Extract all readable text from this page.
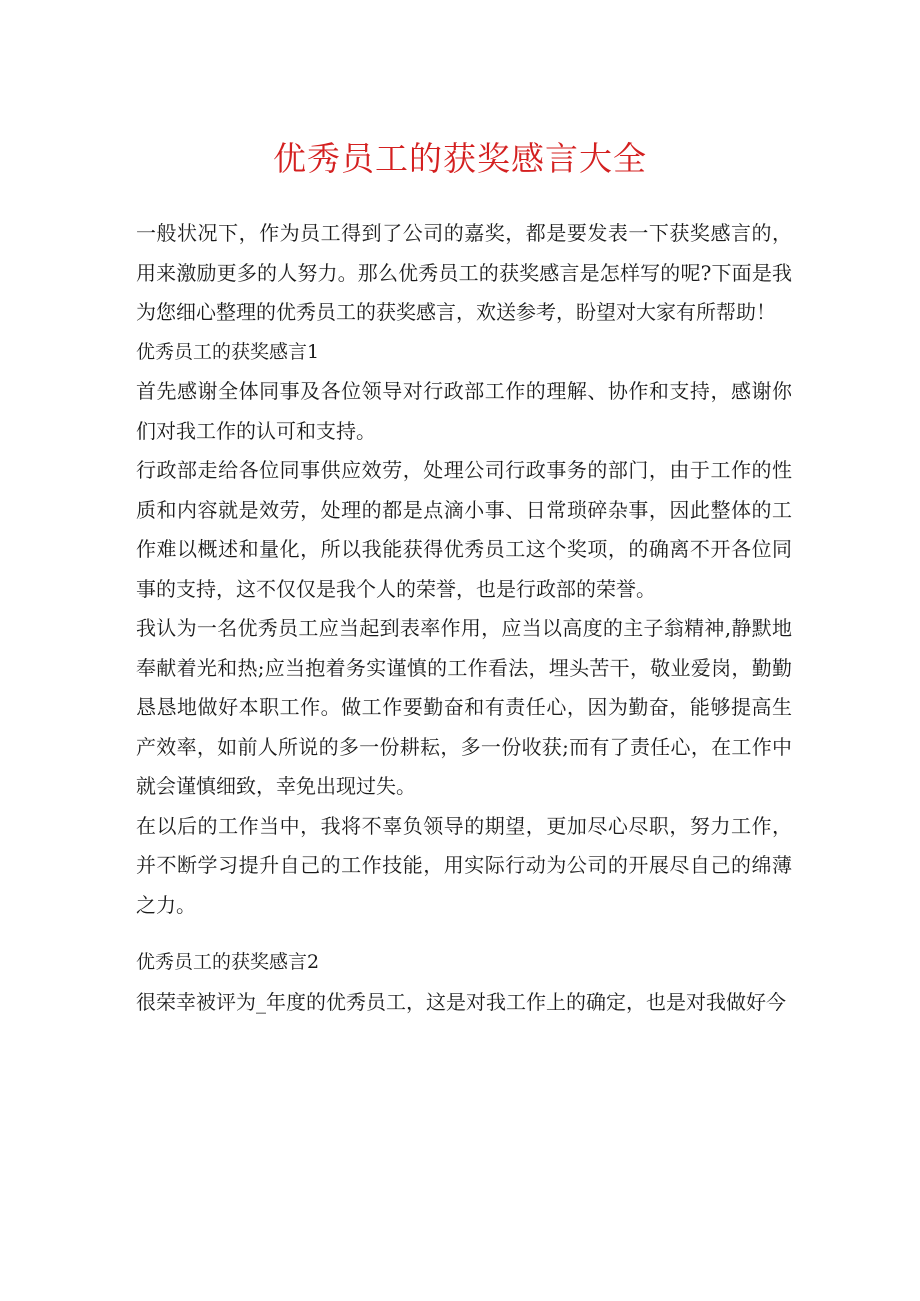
优秀员工的获奖感言大全

一般状况下，作为员工得到了公司的嘉奖，都是要发表一下获奖感言的，用来激励更多的人努力。那么优秀员工的获奖感言是怎样写的呢?下面是我为您细心整理的优秀员工的获奖感言，欢送参考，盼望对大家有所帮助！

优秀员工的获奖感言1

首先感谢全体同事及各位领导对行政部工作的理解、协作和支持，感谢你们对我工作的认可和支持。

行政部走给各位同事供应效劳，处理公司行政事务的部门，由于工作的性质和内容就是效劳，处理的都是点滴小事、日常琐碎杂事，因此整体的工作难以概述和量化，所以我能获得优秀员工这个奖项，的确离不开各位同事的支持，这不仅仅是我个人的荣誉，也是行政部的荣誉。

我认为一名优秀员工应当起到表率作用，应当以高度的主子翁精神,静默地奉献着光和热;应当抱着务实谨慎的工作看法，埋头苦干，敬业爱岗，勤勤恳恳地做好本职工作。做工作要勤奋和有责任心，因为勤奋，能够提高生产效率，如前人所说的多一份耕耘，多一份收获;而有了责任心，在工作中就会谨慎细致，幸免出现过失。

在以后的工作当中，我将不辜负领导的期望，更加尽心尽职，努力工作，并不断学习提升自己的工作技能，用实际行动为公司的开展尽自己的绵薄之力。

优秀员工的获奖感言2

很荣幸被评为_年度的优秀员工，这是对我工作上的确定，也是对我做好今
